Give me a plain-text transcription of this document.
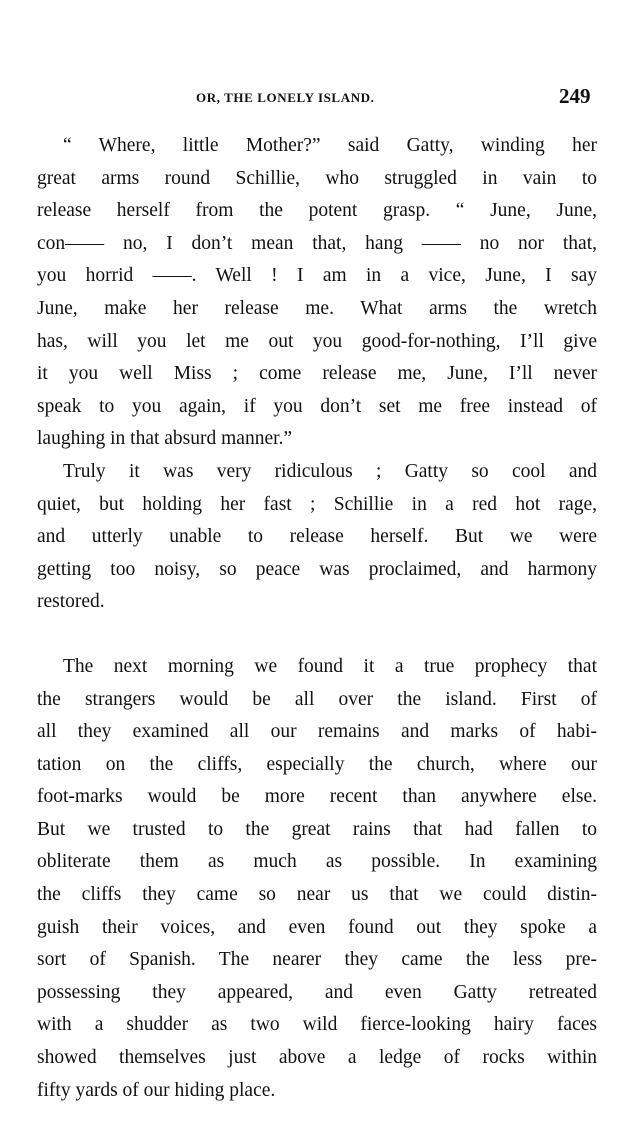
OR, THE LONELY ISLAND.	249
“ Where, little Mother?” said Gatty, winding her
great arms round Schillie, who struggled in vain to
release herself from the potent grasp. “ June, June,
con—— no, I don’t mean that, hang —— no nor that,
you horrid ——. Well ! I am in a vice, June, I say
June, make her release me. What arms the wretch
has, will you let me out you good-for-nothing, I’ll give
it you well Miss ; come release me, June, I’ll never
speak to you again, if you don’t set me free instead of
laughing in that absurd manner.”
Truly it was very ridiculous ; Gatty so cool and
quiet, but holding her fast ; Schillie in a red hot rage,
and utterly unable to release herself. But we were
getting too noisy, so peace was proclaimed, and harmony
restored.
The next morning we found it a true prophecy that
the strangers would be all over the island. First of
all they examined all our remains and marks of habi-
tation on the cliffs, especially the church, where our
foot-marks would be more recent than anywhere else.
But we trusted to the great rains that had fallen to
obliterate them as much as possible. In examining
the cliffs they came so near us that we could distin-
guish their voices, and even found out they spoke a
sort of Spanish. The nearer they came the less pre-
possessing they appeared, and even Gatty retreated
with a shudder as two wild fierce-looking hairy faces
showed themselves just above a ledge of rocks within
fifty yards of our hiding place.
